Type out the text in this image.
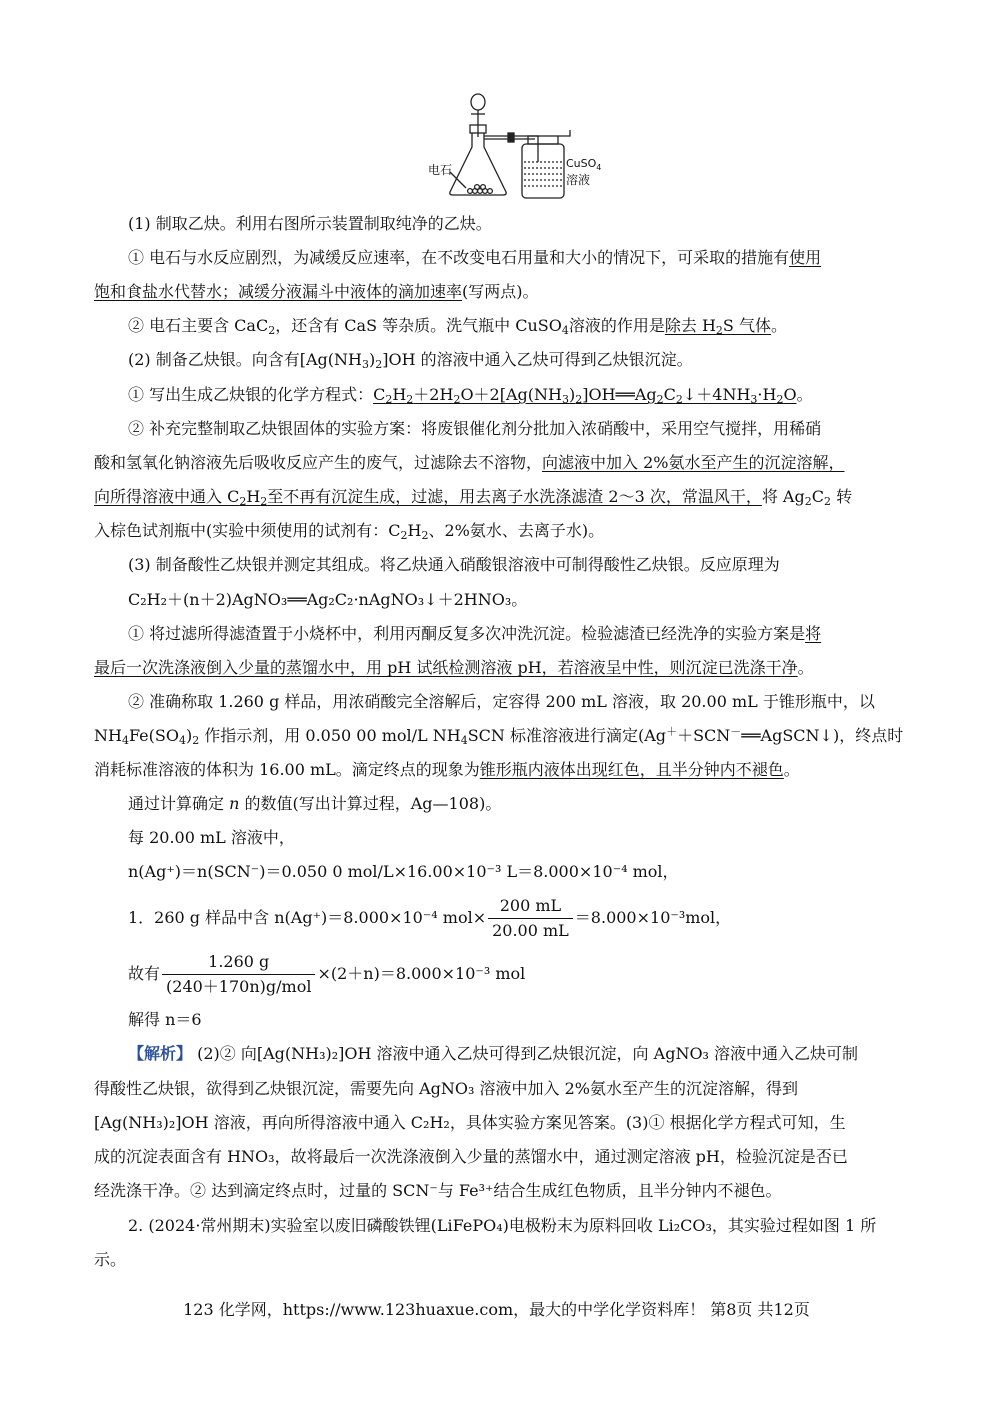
电石	CuSO$_4$
溶液
(1) 制取乙炔。利用右图所示装置制取纯净的乙炔。
① 电石与水反应剧烈，为减缓反应速率，在不改变电石用量和大小的情况下，可采取的措施有使用
饱和食盐水代替水；减缓分液漏斗中液体的滴加速率(写两点)。
② 电石主要含 CaC$_2$，还含有 CaS 等杂质。洗气瓶中 CuSO$_4$溶液的作用是除去 $H_2S$ 气体。
(2) 制备乙炔银。向含有$[Ag(NH_3)_2]OH$ 的溶液中通入乙炔可得到乙炔银沉淀。
① 写出生成乙炔银的化学方程式：$C_2H_2+2H_2O+2[Ag(NH_3)_2]OH══Ag_2C_2↓+4NH_3\cdot H_2O$。
② 补充完整制取乙炔银固体的实验方案：将废银催化剂分批加入浓硝酸中，采用空气搅拌，用稀硝
酸和氢氧化钠溶液先后吸收反应产生的废气，过滤除去不溶物，向滤液中加入 2%氨水至产生的沉淀溶解，
向所得溶液中通入 $C_2H_2$至不再有沉淀生成，过滤，用去离子水洗涤滤渣 2～3 次，常温风干，将 $Ag_2C_2$ 转
入棕色试剂瓶中(实验中须使用的试剂有：$C_2H_2$、2%氨水、去离子水)。
(3) 制备酸性乙炔银并测定其组成。将乙炔通入硝酸银溶液中可制得酸性乙炔银。反应原理为
C₂H₂＋(n＋2)AgNO₃══Ag₂C₂·nAgNO₃↓＋2HNO₃。
① 将过滤所得滤渣置于小烧杯中，利用丙酮反复多次冲洗沉淀。检验滤渣已经洗净的实验方案是将
最后一次洗涤液倒入少量的蒸馏水中，用 pH 试纸检测溶液 pH，若溶液呈中性，则沉淀已洗涤干净。
② 准确称取 1.260 g 样品，用浓硝酸完全溶解后，定容得 200 mL 溶液，取 20.00 mL 于锥形瓶中，以
$NH_4Fe(SO_4)_2$ 作指示剂，用 0.050 00 mol/L $NH_4SCN$ 标准溶液进行滴定(Ag＋＋SCN－══AgSCN↓)，终点时
消耗标准溶液的体积为 16.00 mL。滴定终点的现象为锥形瓶内液体出现红色，且半分钟内不褪色。
通过计算确定 n 的数值(写出计算过程，Ag—108)。
每 20.00 mL 溶液中，
n(Ag⁺)＝n(SCN⁻)＝0.050 0 mol/L×16.00×10⁻³ L＝8.000×10⁻⁴ mol，
1．260 g 样品中含 n(Ag⁺)＝8.000×10⁻⁴ $mol\times \frac{200 mL}{20.00 mL} =8.000\times 10^{-3}mol$，
故有 $\frac{1.260 g}{\text{(240＋170n)g/mol}} \times(2+n)=8.000\times 10^{-3}$ mol
解得 n＝6
【解析】 (2)② 向[Ag(NH₃)₂]OH 溶液中通入乙炔可得到乙炔银沉淀，向 AgNO₃ 溶液中通入乙炔可制
得酸性乙炔银，欲得到乙炔银沉淀，需要先向 AgNO₃ 溶液中加入 2%氨水至产生的沉淀溶解，得到
[Ag(NH₃)₂]OH 溶液，再向所得溶液中通入 C₂H₂，具体实验方案见答案。(3)① 根据化学方程式可知，生
成的沉淀表面含有 HNO₃，故将最后一次洗涤液倒入少量的蒸馏水中，通过测定溶液 pH，检验沉淀是否已
经洗涤干净。② 达到滴定终点时，过量的 SCN⁻与 Fe³⁺结合生成红色物质，且半分钟内不褪色。
2. (2024·常州期末)实验室以废旧磷酸铁锂(LiFePO₄)电极粉末为原料回收 Li₂CO₃，其实验过程如图 1 所
示。
123 化学网，https://www.123huaxue.com，最大的中学化学资料库！ 第8页 共12页
